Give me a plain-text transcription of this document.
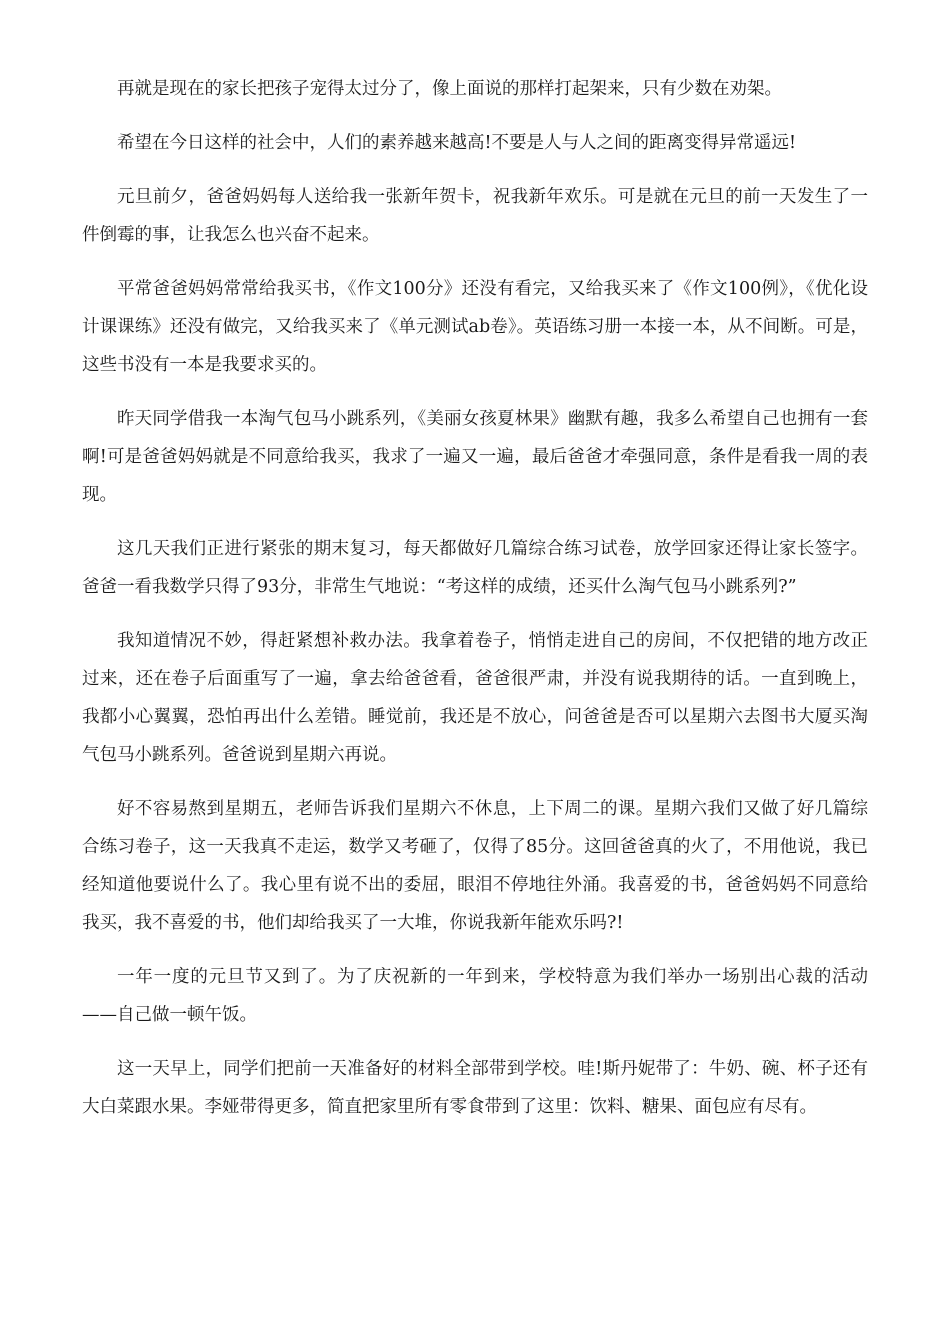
再就是现在的家长把孩子宠得太过分了，像上面说的那样打起架来，只有少数在劝架。

希望在今日这样的社会中，人们的素养越来越高!不要是人与人之间的距离变得异常遥远!

元旦前夕，爸爸妈妈每人送给我一张新年贺卡，祝我新年欢乐。可是就在元旦的前一天发生了一件倒霉的事，让我怎么也兴奋不起来。

平常爸爸妈妈常常给我买书，《作文100分》还没有看完，又给我买来了《作文100例》，《优化设计课课练》还没有做完，又给我买来了《单元测试ab卷》。英语练习册一本接一本，从不间断。可是，这些书没有一本是我要求买的。

昨天同学借我一本淘气包马小跳系列，《美丽女孩夏林果》幽默有趣，我多么希望自己也拥有一套啊!可是爸爸妈妈就是不同意给我买，我求了一遍又一遍，最后爸爸才牵强同意，条件是看我一周的表现。

这几天我们正进行紧张的期末复习，每天都做好几篇综合练习试卷，放学回家还得让家长签字。爸爸一看我数学只得了93分，非常生气地说：“考这样的成绩，还买什么淘气包马小跳系列?”

我知道情况不妙，得赶紧想补救办法。我拿着卷子，悄悄走进自己的房间，不仅把错的地方改正过来，还在卷子后面重写了一遍，拿去给爸爸看，爸爸很严肃，并没有说我期待的话。一直到晚上，我都小心翼翼，恐怕再出什么差错。睡觉前，我还是不放心，问爸爸是否可以星期六去图书大厦买淘气包马小跳系列。爸爸说到星期六再说。

好不容易熬到星期五，老师告诉我们星期六不休息，上下周二的课。星期六我们又做了好几篇综合练习卷子，这一天我真不走运，数学又考砸了，仅得了85分。这回爸爸真的火了，不用他说，我已经知道他要说什么了。我心里有说不出的委屈，眼泪不停地往外涌。我喜爱的书，爸爸妈妈不同意给我买，我不喜爱的书，他们却给我买了一大堆，你说我新年能欢乐吗?!

一年一度的元旦节又到了。为了庆祝新的一年到来，学校特意为我们举办一场别出心裁的活动——自己做一顿午饭。

这一天早上，同学们把前一天准备好的材料全部带到学校。哇!斯丹妮带了：牛奶、碗、杯子还有大白菜跟水果。李娅带得更多，简直把家里所有零食带到了这里：饮料、糖果、面包应有尽有。
